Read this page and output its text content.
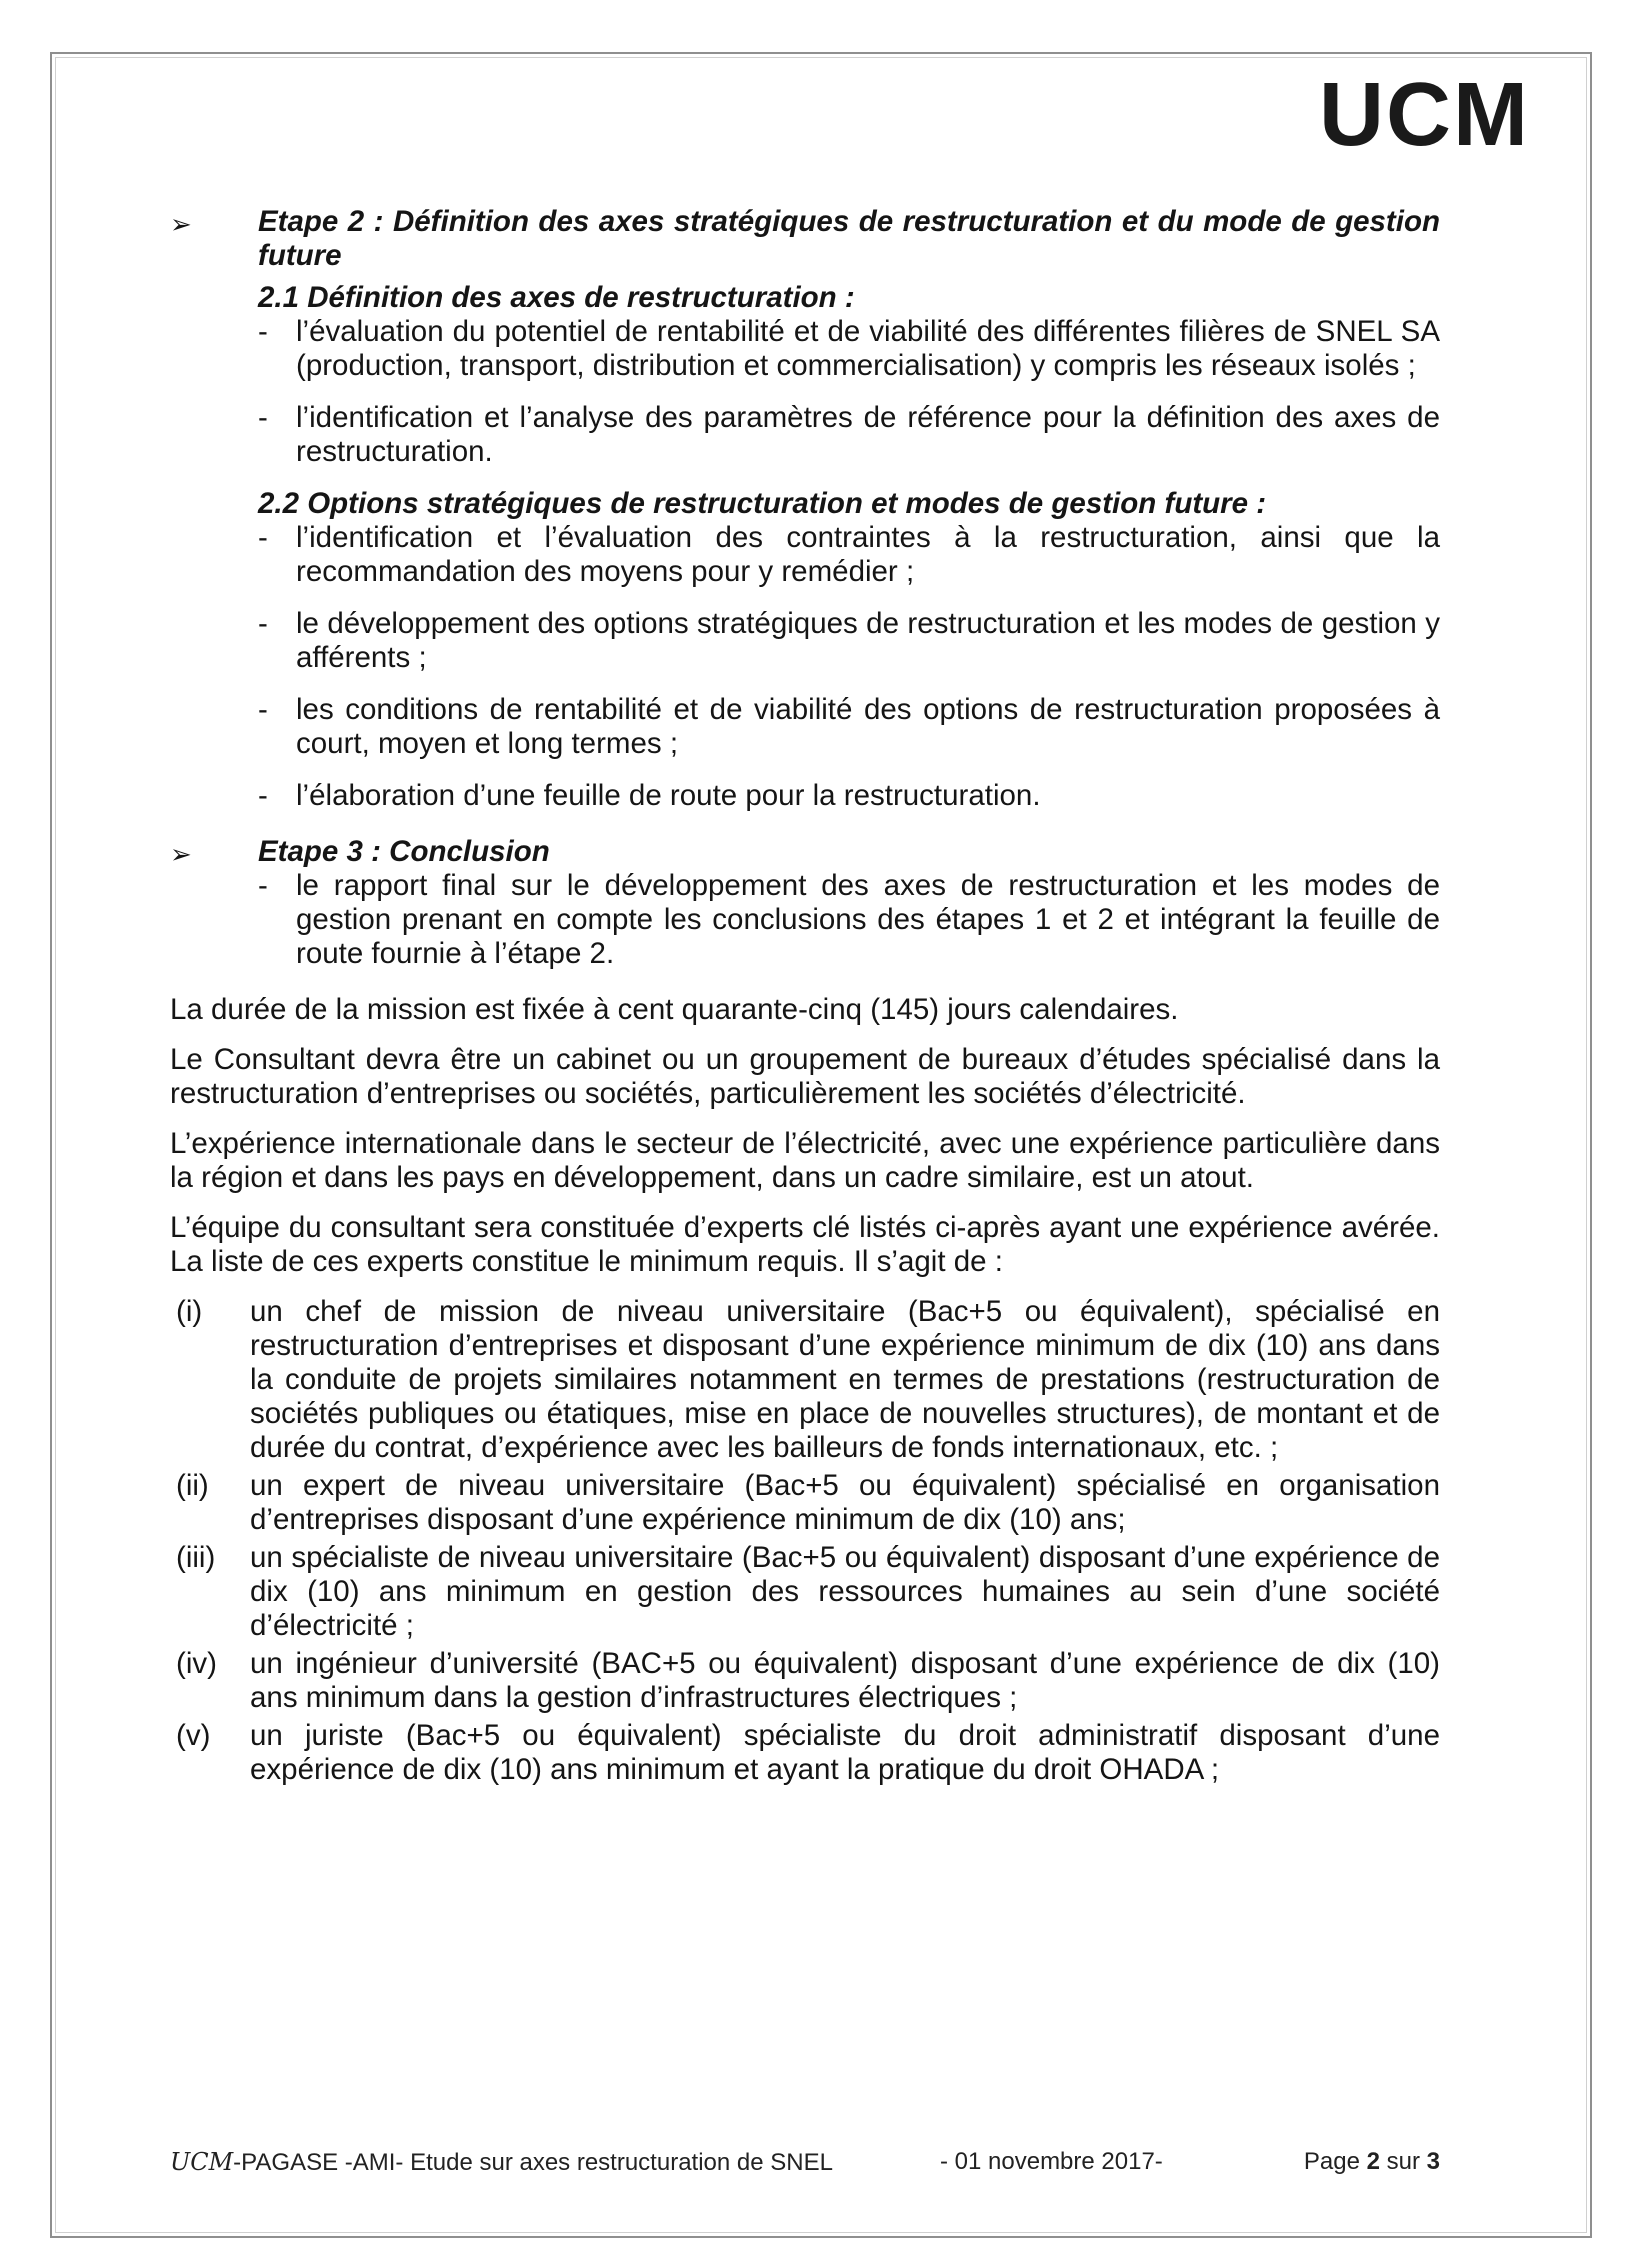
UCM
➢ Etape 2 : Définition des axes stratégiques de restructuration et du mode de gestion future
2.1 Définition des axes de restructuration :
- l’évaluation du potentiel de rentabilité et de viabilité des différentes filières de SNEL SA (production, transport, distribution et commercialisation) y compris les réseaux isolés ;
- l’identification et l’analyse des paramètres de référence pour la définition des axes de restructuration.
2.2 Options stratégiques de restructuration et modes de gestion future :
- l’identification et l’évaluation des contraintes à la restructuration, ainsi que la recommandation des moyens pour y remédier ;
- le développement des options stratégiques de restructuration et les modes de gestion y afférents ;
- les conditions de rentabilité et de viabilité des options de restructuration proposées à court, moyen et long termes ;
- l’élaboration d’une feuille de route pour la restructuration.
➢ Etape 3 : Conclusion
- le rapport final sur le développement des axes de restructuration et les modes de gestion prenant en compte les conclusions des étapes 1 et 2 et intégrant la feuille de route fournie à l’étape 2.

La durée de la mission est fixée à cent quarante-cinq (145) jours calendaires.

Le Consultant devra être un cabinet ou un groupement de bureaux d’études spécialisé dans la restructuration d’entreprises ou sociétés, particulièrement les sociétés d’électricité.

L’expérience internationale dans le secteur de l’électricité, avec une expérience particulière dans la région et dans les pays en développement, dans un cadre similaire, est un atout.

L’équipe du consultant sera constituée d’experts clé listés ci-après ayant une expérience avérée. La liste de ces experts constitue le minimum requis. Il s’agit de :

(i) un chef de mission de niveau universitaire (Bac+5 ou équivalent), spécialisé en restructuration d’entreprises et disposant d’une expérience minimum de dix (10) ans dans la conduite de projets similaires notamment en termes de prestations (restructuration de sociétés publiques ou étatiques, mise en place de nouvelles structures), de montant et de durée du contrat, d’expérience avec les bailleurs de fonds internationaux, etc. ;
(ii) un expert de niveau universitaire (Bac+5 ou équivalent) spécialisé en organisation d’entreprises disposant d’une expérience minimum de dix (10) ans;
(iii) un spécialiste de niveau universitaire (Bac+5 ou équivalent) disposant d’une expérience de dix (10) ans minimum en gestion des ressources humaines au sein d’une société d’électricité ;
(iv) un ingénieur d’université (BAC+5 ou équivalent) disposant d’une expérience de dix (10) ans minimum dans la gestion d’infrastructures électriques ;
(v) un juriste (Bac+5 ou équivalent) spécialiste du droit administratif disposant d’une expérience de dix (10) ans minimum et ayant la pratique du droit OHADA ;
UCM-PAGASE -AMI- Etude sur axes restructuration de SNEL	- 01 novembre 2017-	Page 2 sur 3
